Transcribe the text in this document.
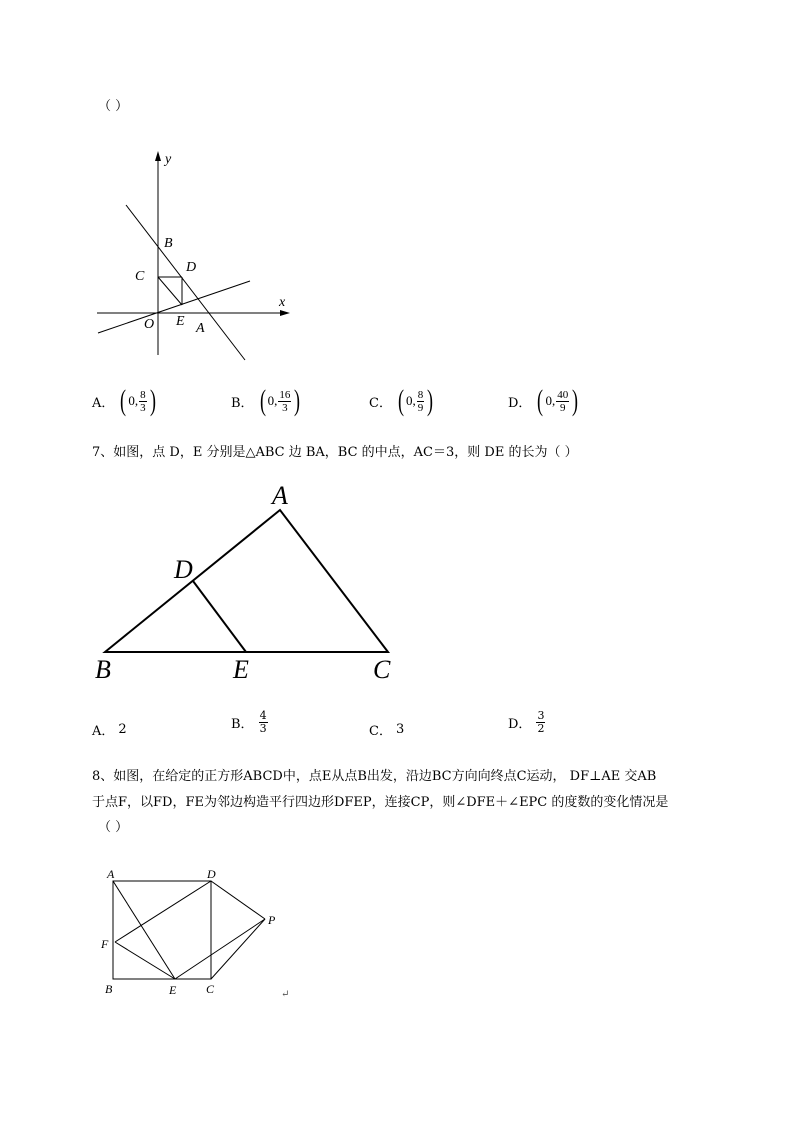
（ ）
y
x
B
C
D
O E A
A． ( 0, $\frac{8}{3}$ )	B． ( 0, $\frac{16}{3}$ )	C． ( 0, $\frac{8}{9}$ )	D． ( 0, $\frac{40}{9}$ )
7、如图，点 D，E 分别是△ABC 边 BA，BC 的中点，AC＝3，则 DE 的长为（ ）
A
D
B	E	C
A． 2	B． $\frac{4}{3}$	C． 3	D． $\frac{3}{2}$
8、如图，在给定的正方形ABCD中，点E从点B出发，沿边BC方向向终点C运动， DF⊥AE 交AB
于点F，以FD，FE为邻边构造平行四边形DFEP，连接CP，则∠DFE＋∠EPC 的度数的变化情况是
（ ）
A	D
P
F
B	E C	↵
